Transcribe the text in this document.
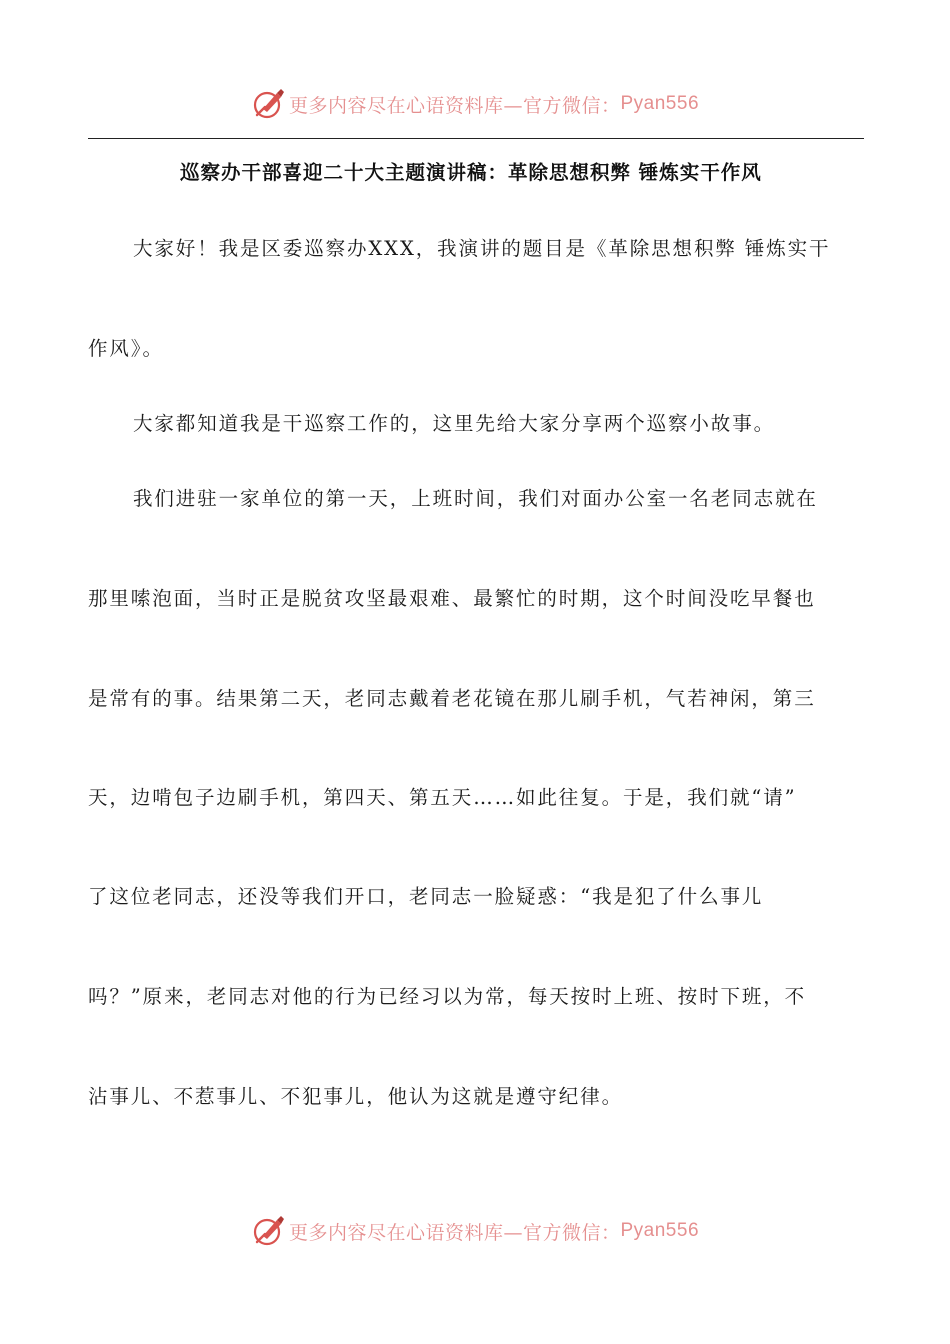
更多内容尽在心语资料库—官方微信： Pyan556
巡察办干部喜迎二十大主题演讲稿：革除思想积弊 锤炼实干作风
大家好！我是区委巡察办XXX，我演讲的题目是《革除思想积弊 锤炼实干
作风》。
大家都知道我是干巡察工作的，这里先给大家分享两个巡察小故事。
我们进驻一家单位的第一天，上班时间，我们对面办公室一名老同志就在
那里嗦泡面，当时正是脱贫攻坚最艰难、最繁忙的时期，这个时间没吃早餐也
是常有的事。结果第二天，老同志戴着老花镜在那儿刷手机，气若神闲，第三
天，边啃包子边刷手机，第四天、第五天……如此往复。于是，我们就“请”
了这位老同志，还没等我们开口，老同志一脸疑惑：“我是犯了什么事儿
吗？”原来，老同志对他的行为已经习以为常，每天按时上班、按时下班，不
沾事儿、不惹事儿、不犯事儿，他认为这就是遵守纪律。
更多内容尽在心语资料库—官方微信： Pyan556
